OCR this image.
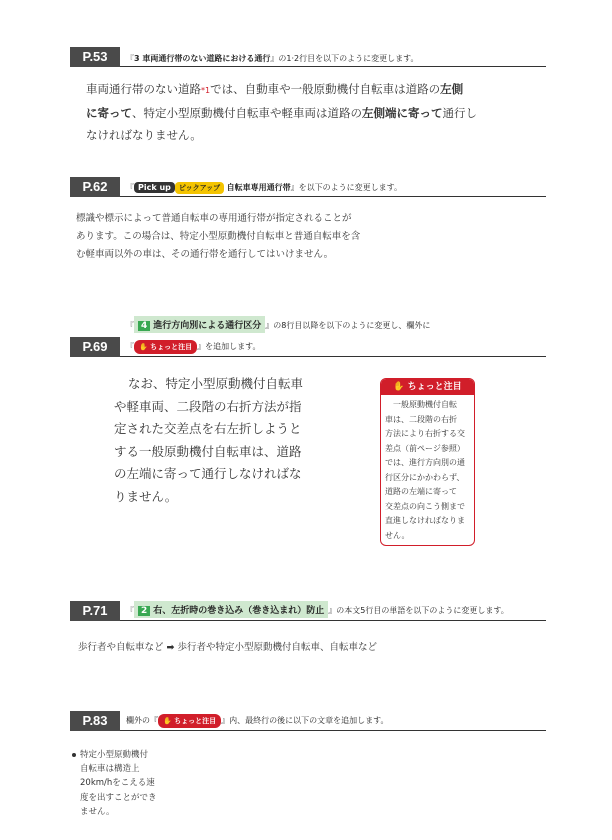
P.53	『3 車両通行帯のない道路における通行』の1·2行目を以下のように変更します。
車両通行帯のない道路*1では、自動車や一般原動機付自転車は道路の左側
に寄って、特定小型原動機付自転車や軽車両は道路の左側端に寄って通行し
なければなりません。
P.62	『 Pick up ピックアップ 自転車専用通行帯』を以下のように変更します。
標識や標示によって普通自転車の専用通行帯が指定されることが
あります。この場合は、特定小型原動機付自転車と普通自転車を含
む軽車両以外の車は、その通行帯を通行してはいけません。
『 4 進行方向別による通行区分 』の8行目以降を以下のように変更し、欄外に
P.69	『 ✋ ちょっと注目 』を追加します。
なお、特定小型原動機付自転車
や軽車両、二段階の右折方法が指
定された交差点を右左折しようと
する一般原動機付自転車は、道路
の左端に寄って通行しなければな
りません。
✋ ちょっと注目
一般原動機付自転
車は、二段階の右折
方法により右折する交
差点（前ページ参照）
では、進行方向別の通
行区分にかかわらず、
道路の左端に寄って
交差点の向こう側まで
直進しなければなりま
せん。
P.71	『 2 右、左折時の巻き込み（巻き込まれ）防止 』の本文5行目の単語を以下のように変更します。
歩行者や自転車など ➡ 歩行者や特定小型原動機付自転車、自転車など
P.83	欄外の『 ✋ ちょっと注目 』内、最終行の後に以下の文章を追加します。
特定小型原動機付
自転車は構造上
20km/hをこえる速
度を出すことができ
ません。
